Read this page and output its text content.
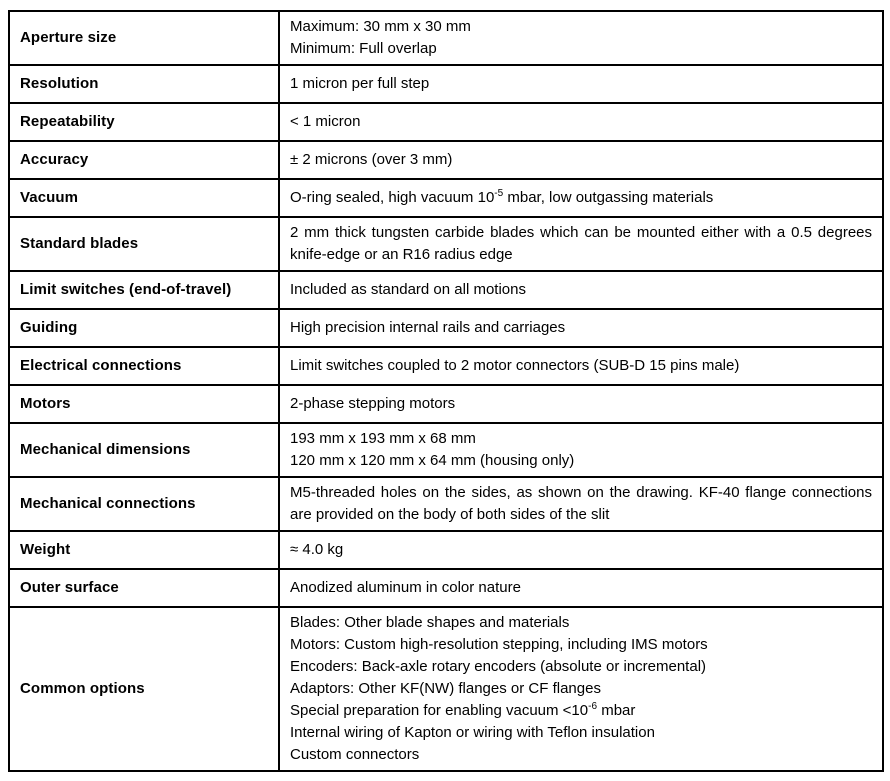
Aperture size	Maximum: 30 mm x 30 mm
Minimum: Full overlap

Resolution	1 micron per full step

Repeatability	< 1 micron

Accuracy	± 2 microns (over 3 mm)

Vacuum	O-ring sealed, high vacuum $10^{-5}$ mbar, low outgassing materials

Standard blades	2 mm thick tungsten carbide blades which can be mounted either with a 0.5 degrees knife-edge or an R16 radius edge

Limit switches (end-of-travel)	Included as standard on all motions

Guiding	High precision internal rails and carriages

Electrical connections	Limit switches coupled to 2 motor connectors (SUB-D 15 pins male)

Motors	2-phase stepping motors

Mechanical dimensions	193 mm x 193 mm x 68 mm
120 mm x 120 mm x 64 mm (housing only)

Mechanical connections	M5-threaded holes on the sides, as shown on the drawing. KF-40 flange connections are provided on the body of both sides of the slit

Weight	≈ 4.0 kg

Outer surface	Anodized aluminum in color nature

Common options	
Blades: Other blade shapes and materials
Motors: Custom high-resolution stepping, including IMS motors
Encoders: Back-axle rotary encoders (absolute or incremental)
Adaptors: Other KF(NW) flanges or CF flanges
Special preparation for enabling vacuum $<10^{-6}$ mbar
Internal wiring of Kapton or wiring with Teflon insulation
Custom connectors
